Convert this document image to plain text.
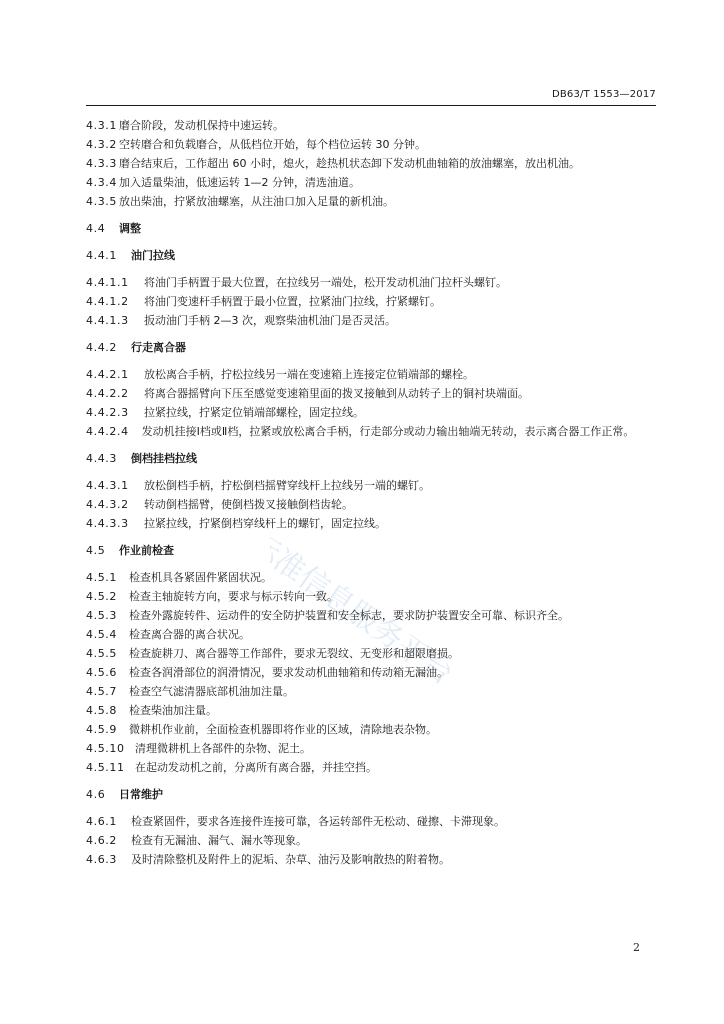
DB63/T 1553—2017
标准信息服务平台
4.3.1 磨合阶段，发动机保持中速运转。
4.3.2 空转磨合和负载磨合，从低档位开始，每个档位运转 30 分钟。
4.3.3 磨合结束后，工作超出 60 小时，熄火，趁热机状态卸下发动机曲轴箱的放油螺塞，放出机油。
4.3.4 加入适量柴油，低速运转 1—2 分钟，清选油道。
4.3.5 放出柴油，拧紧放油螺塞，从注油口加入足量的新机油。
4.4	调整
4.4.1	油门拉线
4.4.1.1	将油门手柄置于最大位置，在拉线另一端处，松开发动机油门拉杆头螺钉。
4.4.1.2	将油门变速杆手柄置于最小位置，拉紧油门拉线，拧紧螺钉。
4.4.1.3	扳动油门手柄 2—3 次，观察柴油机油门是否灵活。
4.4.2	行走离合器
4.4.2.1	放松离合手柄，拧松拉线另一端在变速箱上连接定位销端部的螺栓。
4.4.2.2	将离合器摇臂向下压至感觉变速箱里面的拨叉接触到从动转子上的铜衬块端面。
4.4.2.3	拉紧拉线，拧紧定位销端部螺栓，固定拉线。
4.4.2.4 发动机挂接Ⅰ档或Ⅱ档，拉紧或放松离合手柄，行走部分或动力输出轴端无转动，表示离合器工作正常。
4.4.3	倒档挂档拉线
4.4.3.1	放松倒档手柄，拧松倒档摇臂穿线杆上拉线另一端的螺钉。
4.4.3.2	转动倒档摇臂，使倒档拨叉接触倒档齿轮。
4.4.3.3	拉紧拉线，拧紧倒档穿线杆上的螺钉，固定拉线。
4.5	作业前检查
4.5.1	检查机具各紧固件紧固状况。
4.5.2	检查主轴旋转方向，要求与标示转向一致。
4.5.3	检查外露旋转件、运动件的安全防护装置和安全标志，要求防护装置安全可靠、标识齐全。
4.5.4	检查离合器的离合状况。
4.5.5	检查旋耕刀、离合器等工作部件，要求无裂纹、无变形和超限磨损。
4.5.6	检查各润滑部位的润滑情况，要求发动机曲轴箱和传动箱无漏油。
4.5.7	检查空气滤清器底部机油加注量。
4.5.8	检查柴油加注量。
4.5.9	微耕机作业前，全面检查机器即将作业的区域，清除地表杂物。
4.5.10 清理微耕机上各部件的杂物、泥土。
4.5.11 在起动发动机之前，分离所有离合器，并挂空挡。
4.6	日常维护
4.6.1	检查紧固件，要求各连接件连接可靠，各运转部件无松动、碰擦、卡滞现象。
4.6.2	检查有无漏油、漏气、漏水等现象。
4.6.3	及时清除整机及附件上的泥垢、杂草、油污及影响散热的附着物。
2
